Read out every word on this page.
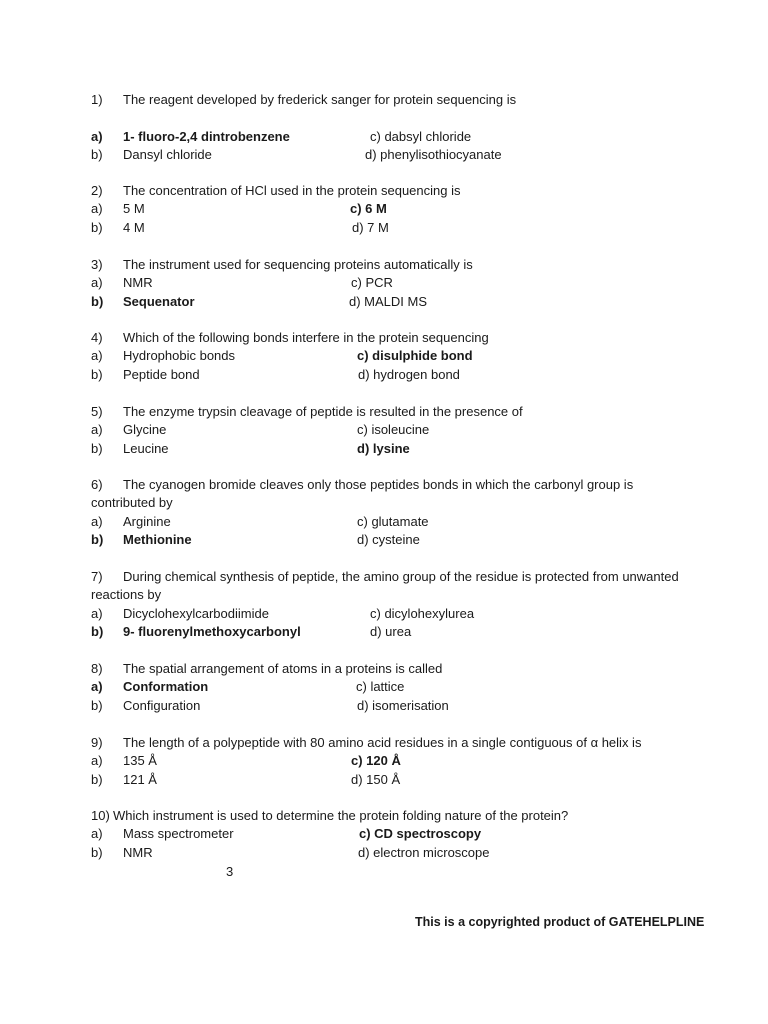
1) The reagent developed by frederick sanger for protein sequencing is
a) 1- fluoro-2,4 dintrobenzene	c) dabsyl chloride
b) Dansyl chloride	d) phenylisothiocyanate
2) The concentration of HCl used in the protein sequencing is
a) 5 M	c) 6 M
b) 4 M	d) 7 M
3) The instrument used for sequencing proteins automatically is
a) NMR	c) PCR
b) Sequenator	d) MALDI MS
4) Which of the following bonds interfere in the protein sequencing
a) Hydrophobic bonds	c) disulphide bond
b) Peptide bond	d) hydrogen bond
5) The enzyme trypsin cleavage of peptide is resulted in the presence of
a) Glycine	c) isoleucine
b) Leucine	d) lysine
6) The cyanogen bromide cleaves only those peptides bonds in which the carbonyl group is contributed by
a) Arginine	c) glutamate
b) Methionine	d) cysteine
7) During chemical synthesis of peptide, the amino group of the residue is protected from unwanted reactions by
a) Dicyclohexylcarbodiimide	c) dicylohexylurea
b) 9- fluorenylmethoxycarbonyl	d) urea
8) The spatial arrangement of atoms in a proteins is called
a) Conformation	c) lattice
b) Configuration	d) isomerisation
9) The length of a polypeptide with 80 amino acid residues in a single contiguous of α helix is
a) 135 Å	c) 120 Å
b) 121 Å	d) 150 Å
10) Which instrument is used to determine the protein folding nature of the protein?
a) Mass spectrometer	c) CD spectroscopy
b) NMR	d) electron microscope
3
This is a copyrighted product of GATEHELPLINE
